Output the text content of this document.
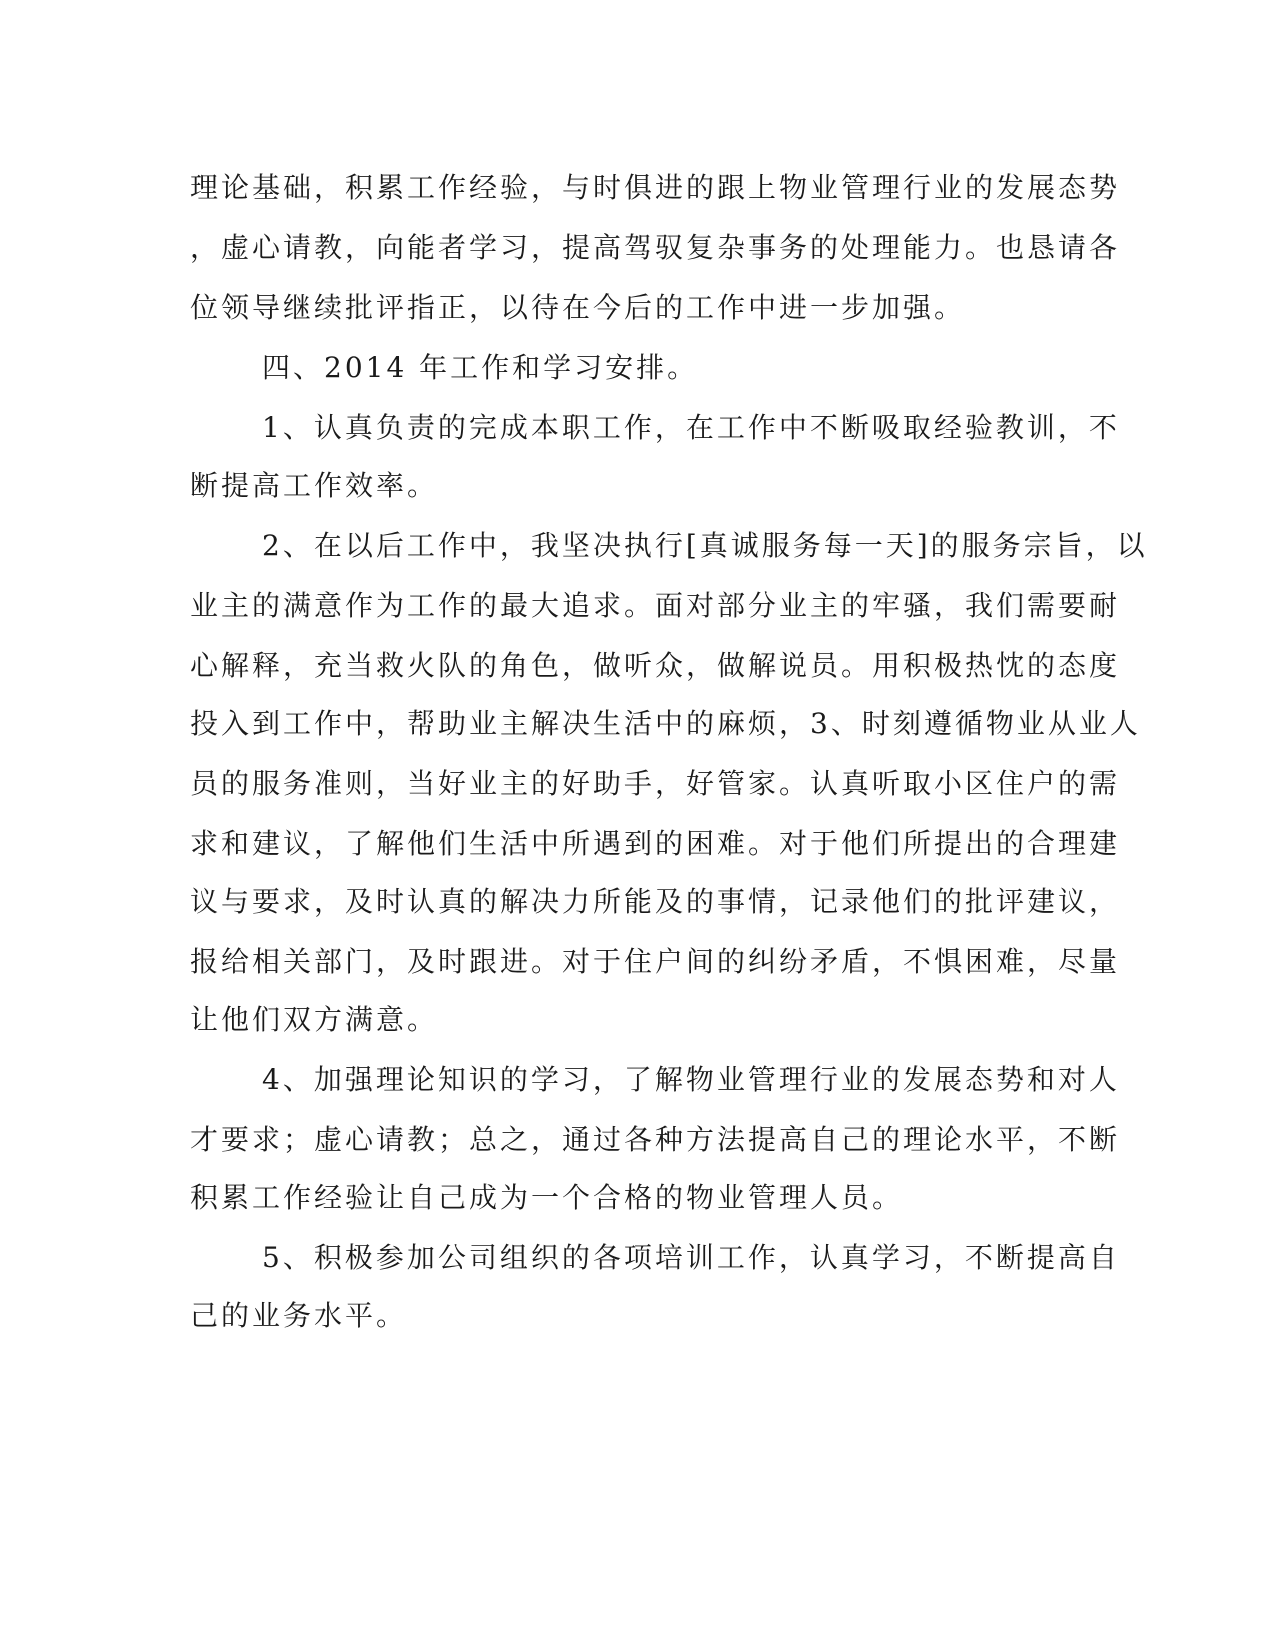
理论基础，积累工作经验，与时俱进的跟上物业管理行业的发展态势
，虚心请教，向能者学习，提高驾驭复杂事务的处理能力。也恳请各
位领导继续批评指正，以待在今后的工作中进一步加强。
四、2014 年工作和学习安排。
1、认真负责的完成本职工作，在工作中不断吸取经验教训，不
断提高工作效率。
2、在以后工作中，我坚决执行[真诚服务每一天]的服务宗旨，以
业主的满意作为工作的最大追求。面对部分业主的牢骚，我们需要耐
心解释，充当救火队的角色，做听众，做解说员。用积极热忱的态度
投入到工作中，帮助业主解决生活中的麻烦，3、时刻遵循物业从业人
员的服务准则，当好业主的好助手，好管家。认真听取小区住户的需
求和建议，了解他们生活中所遇到的困难。对于他们所提出的合理建
议与要求，及时认真的解决力所能及的事情，记录他们的批评建议，
报给相关部门，及时跟进。对于住户间的纠纷矛盾，不惧困难，尽量
让他们双方满意。
4、加强理论知识的学习，了解物业管理行业的发展态势和对人
才要求；虚心请教；总之，通过各种方法提高自己的理论水平，不断
积累工作经验让自己成为一个合格的物业管理人员。
5、积极参加公司组织的各项培训工作，认真学习，不断提高自
己的业务水平。
